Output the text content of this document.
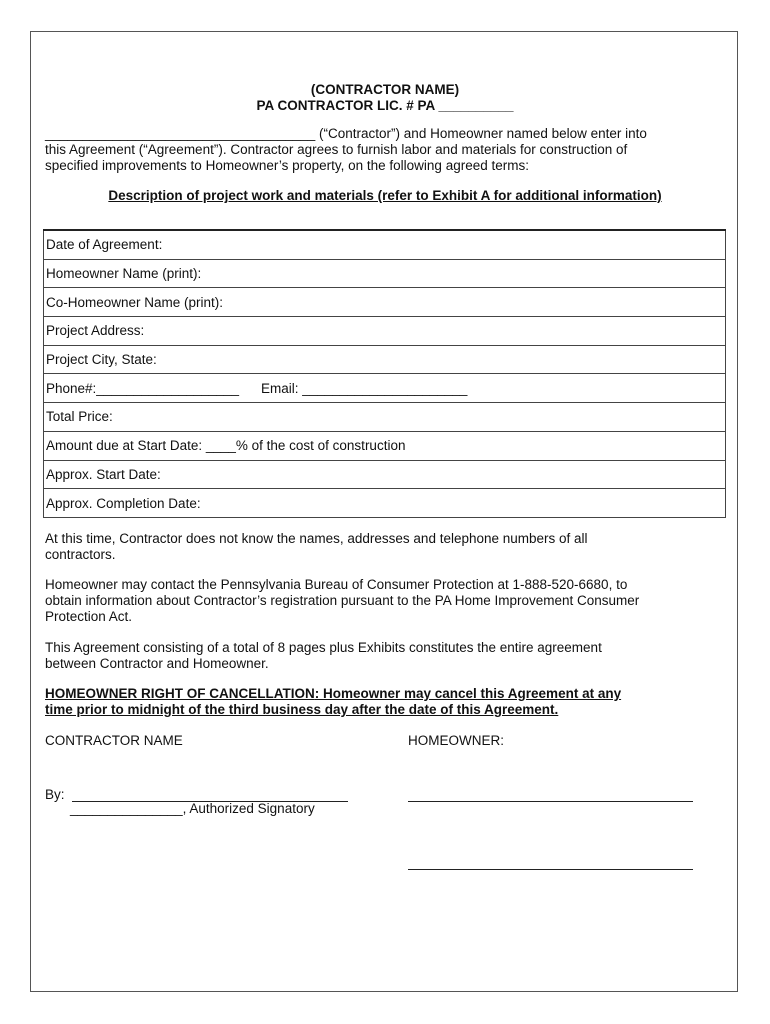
(CONTRACTOR NAME)
PA CONTRACTOR LIC. # PA __________
____________________________________ (“Contractor”) and Homeowner named below enter into
this Agreement (“Agreement”). Contractor agrees to furnish labor and materials for construction of
specified improvements to Homeowner’s property, on the following agreed terms:
Description of project work and materials (refer to Exhibit A for additional information)
Date of Agreement:
Homeowner Name (print):
Co-Homeowner Name (print):
Project Address:
Project City, State:
Phone#:___________________ Email: ______________________
Total Price:
Amount due at Start Date: ____% of the cost of construction
Approx. Start Date:
Approx. Completion Date:
At this time, Contractor does not know the names, addresses and telephone numbers of all
contractors.
Homeowner may contact the Pennsylvania Bureau of Consumer Protection at 1-888-520-6680, to
obtain information about Contractor’s registration pursuant to the PA Home Improvement Consumer
Protection Act.
This Agreement consisting of a total of 8 pages plus Exhibits constitutes the entire agreement
between Contractor and Homeowner.
HOMEOWNER RIGHT OF CANCELLATION: Homeowner may cancel this Agreement at any
time prior to midnight of the third business day after the date of this Agreement.
CONTRACTOR NAME	HOMEOWNER:
By:
_______________, Authorized Signatory
